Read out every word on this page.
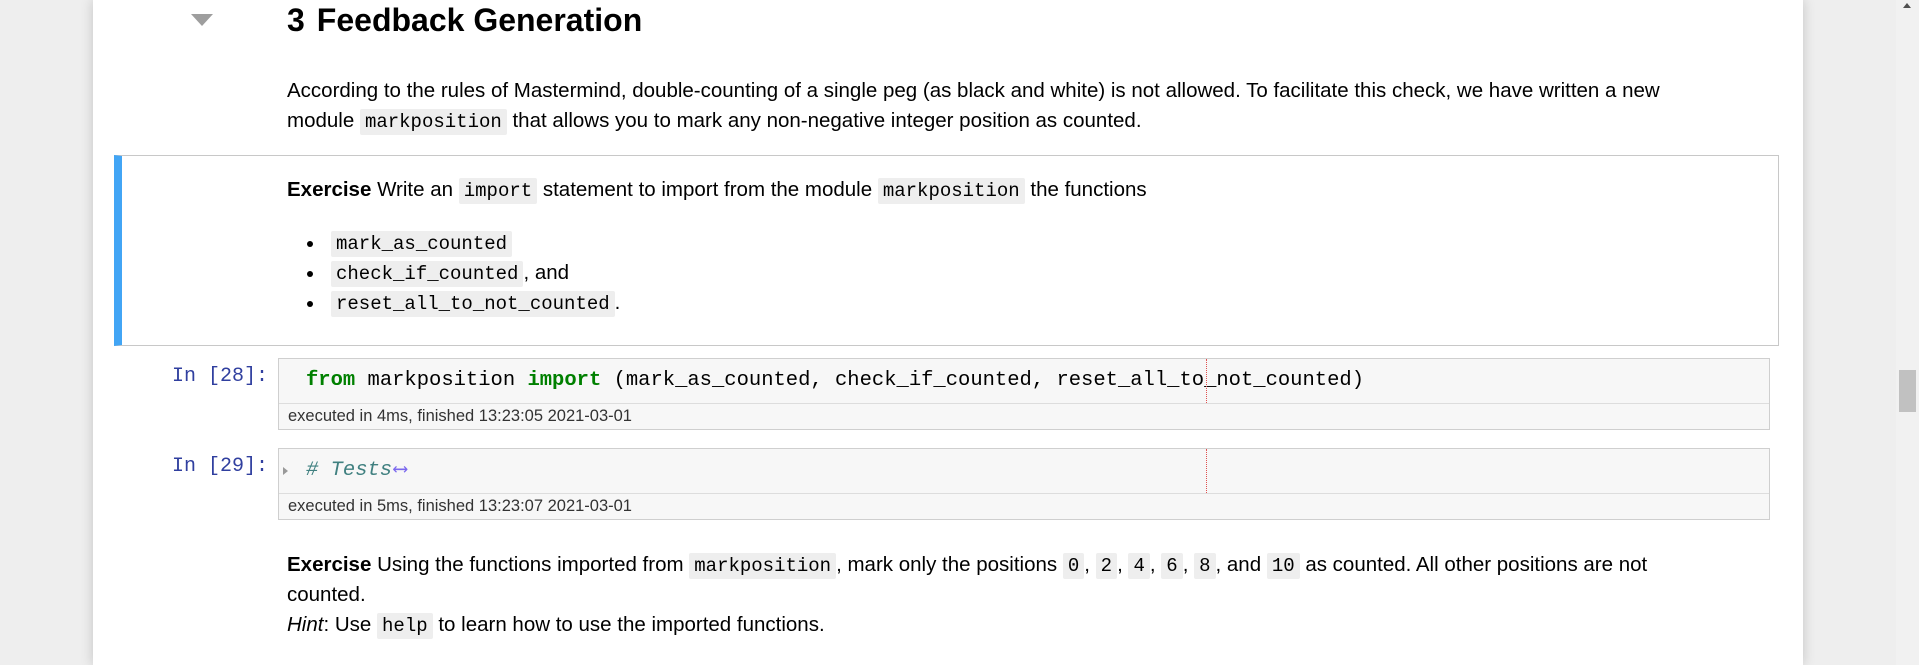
3 Feedback Generation
According to the rules of Mastermind, double-counting of a single peg (as black and white) is not allowed. To facilitate this check, we have written a new
module markposition that allows you to mark any non-negative integer position as counted.
Exercise Write an import statement to import from the module markposition the functions
mark_as_counted
check_if_counted , and
reset_all_to_not_counted .
In [28]: from markposition import (mark_as_counted, check_if_counted, reset_all_to_not_counted)
executed in 4ms, finished 13:23:05 2021-03-01
In [29]: # Tests⟷
executed in 5ms, finished 13:23:07 2021-03-01
Exercise Using the functions imported from markposition , mark only the positions 0 , 2 , 4 , 6 , 8 , and 10 as counted. All other positions are not
counted.
Hint: Use help to learn how to use the imported functions.
